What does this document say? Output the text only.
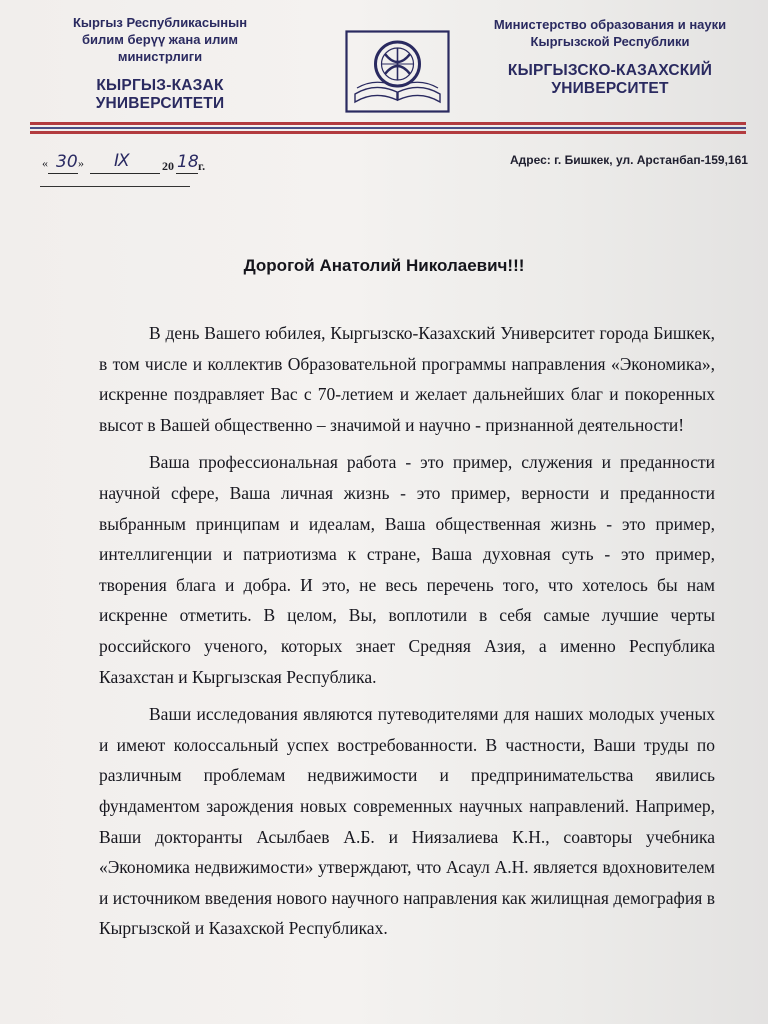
Кыргыз Республикасынын
билим берүү жана илим министрлиги
КЫРГЫЗ-КАЗАК
УНИВЕРСИТЕТИ
Министерство образования и науки
Кыргызской Республики
КЫРГЫЗСКО-КАЗАХСКИЙ
УНИВЕРСИТЕТ
« 30 » Ⅸ	20 18 г.	Адрес: г. Бишкек, ул. Арстанбап-159,161
Дорогой Анатолий Николаевич!!!

В день Вашего юбилея, Кыргызско-Казахский Университет города Бишкек, в том числе и коллектив Образовательной программы направления «Экономика», искренне поздравляет Вас с 70-летием и желает дальнейших благ и покоренных высот в Вашей общественно – значимой и научно - признанной деятельности!

Ваша профессиональная работа - это пример, служения и преданности научной сфере, Ваша личная жизнь - это пример, верности и преданности выбранным принципам и идеалам, Ваша общественная жизнь - это пример, интеллигенции и патриотизма к стране, Ваша духовная суть - это пример, творения блага и добра. И это, не весь перечень того, что хотелось бы нам искренне отметить. В целом, Вы, воплотили в себя самые лучшие черты российского ученого, которых знает Средняя Азия, а именно Республика Казахстан и Кыргызская Республика.

Ваши исследования являются путеводителями для наших молодых ученых и имеют колоссальный успех востребованности. В частности, Ваши труды по различным проблемам недвижимости и предпринимательства явились фундаментом зарождения новых современных научных направлений. Например, Ваши докторанты Асылбаев А.Б. и Ниязалиева К.Н., соавторы учебника «Экономика недвижимости» утверждают, что Асаул А.Н. является вдохновителем и источником введения нового научного направления как жилищная демография в Кыргызской и Казахской Республиках.
